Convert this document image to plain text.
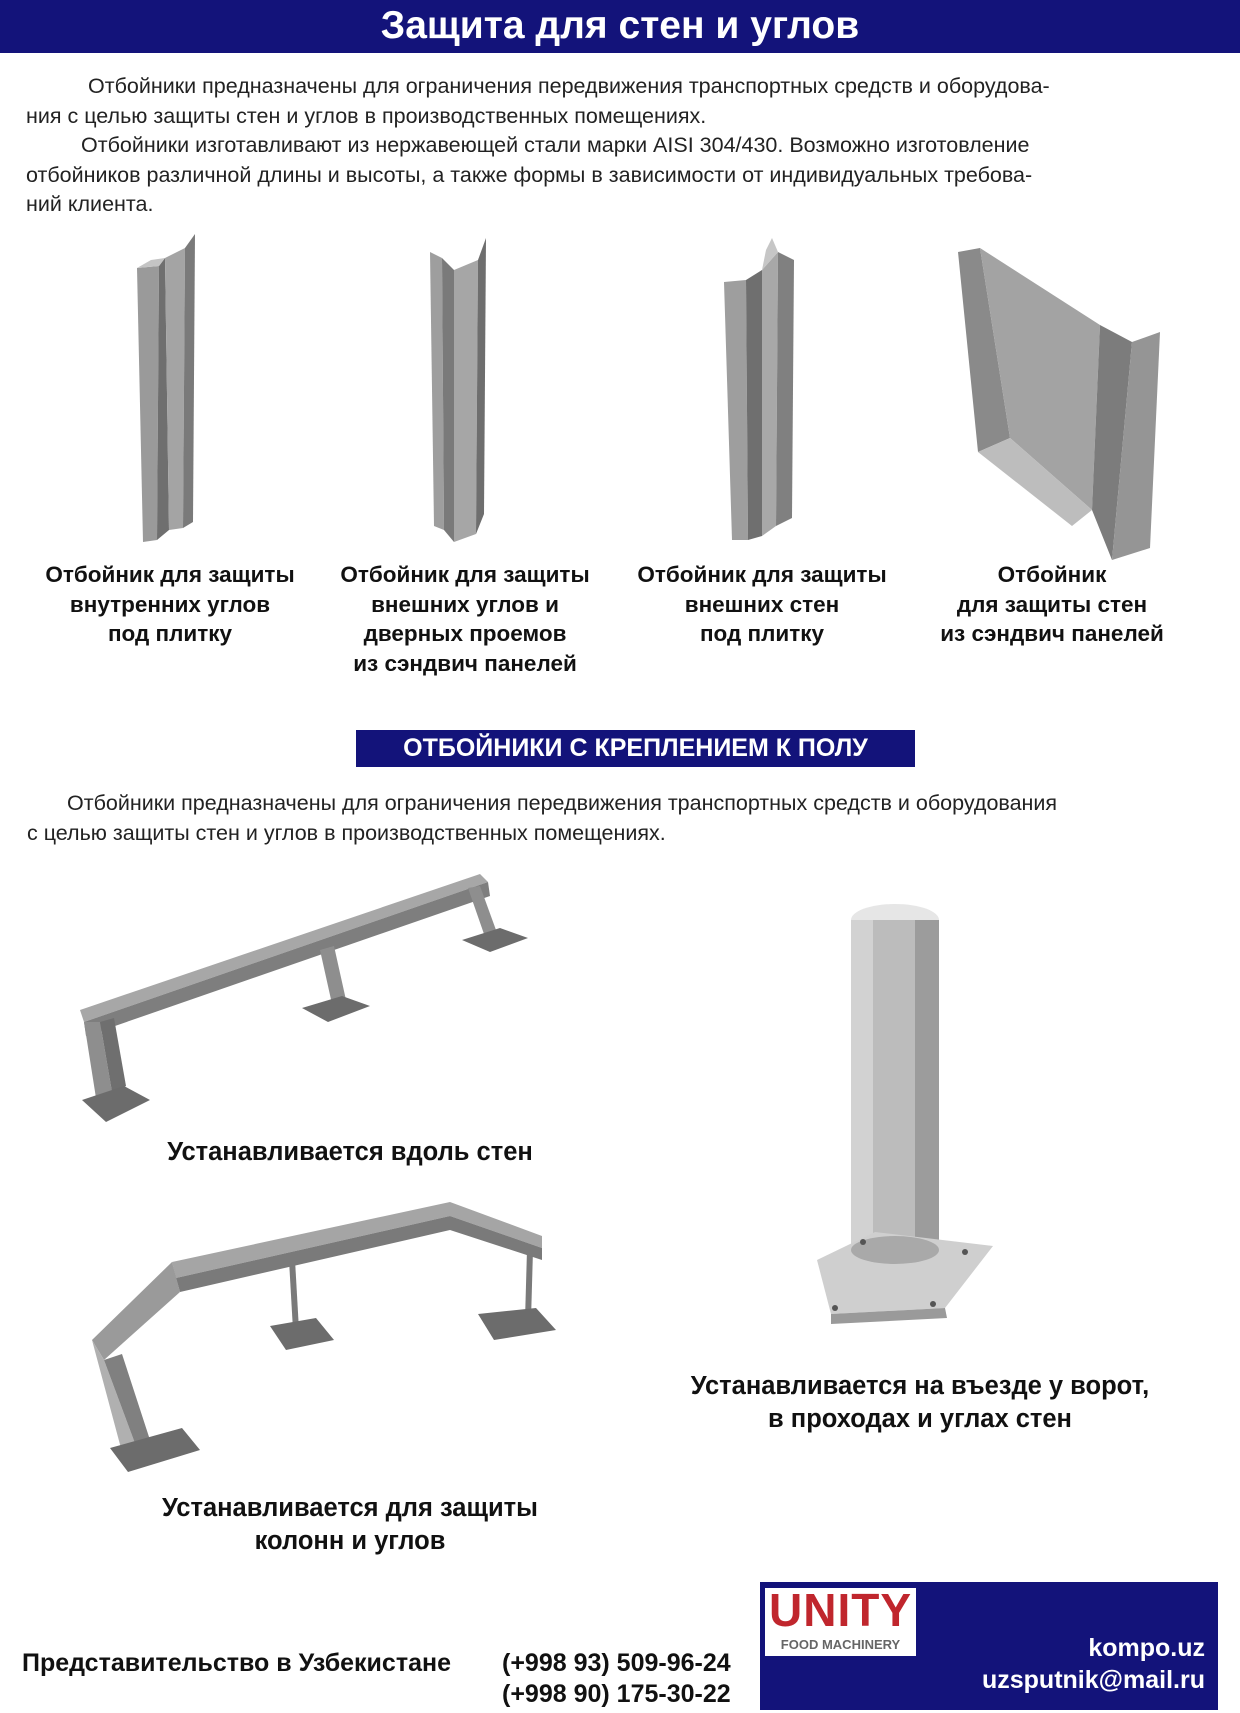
Защита для стен и углов

Отбойники предназначены для ограничения передвижения транспортных средств и оборудова-

ния с целью защиты стен и углов в производственных помещениях.

Отбойники изготавливают из нержавеющей стали марки AISI 304/430. Возможно изготовление

отбойников различной длины и высоты, а также формы в зависимости от индивидуальных требова-

ний клиента.

Отбойник для защиты

внутренних углов

под плитку

Отбойник для защиты

внешних углов и

дверных проемов

из сэндвич панелей

Отбойник для защиты

внешних стен

под плитку

Отбойник

для защиты стен

из сэндвич панелей

ОТБОЙНИКИ С КРЕПЛЕНИЕМ К ПОЛУ

Отбойники предназначены для ограничения передвижения транспортных средств и оборудования

с целью защиты стен и углов в производственных помещениях.

Устанавливается вдоль стен

Устанавливается на въезде у ворот,

в проходах и углах стен

Устанавливается для защиты

колонн и углов

Представительство в Узбекистане (+998 93) 509-96-24
(+998 90) 175-30-22
UNITY
FOOD MACHINERY	kompo.uz
uzsputnik@mail.ru
